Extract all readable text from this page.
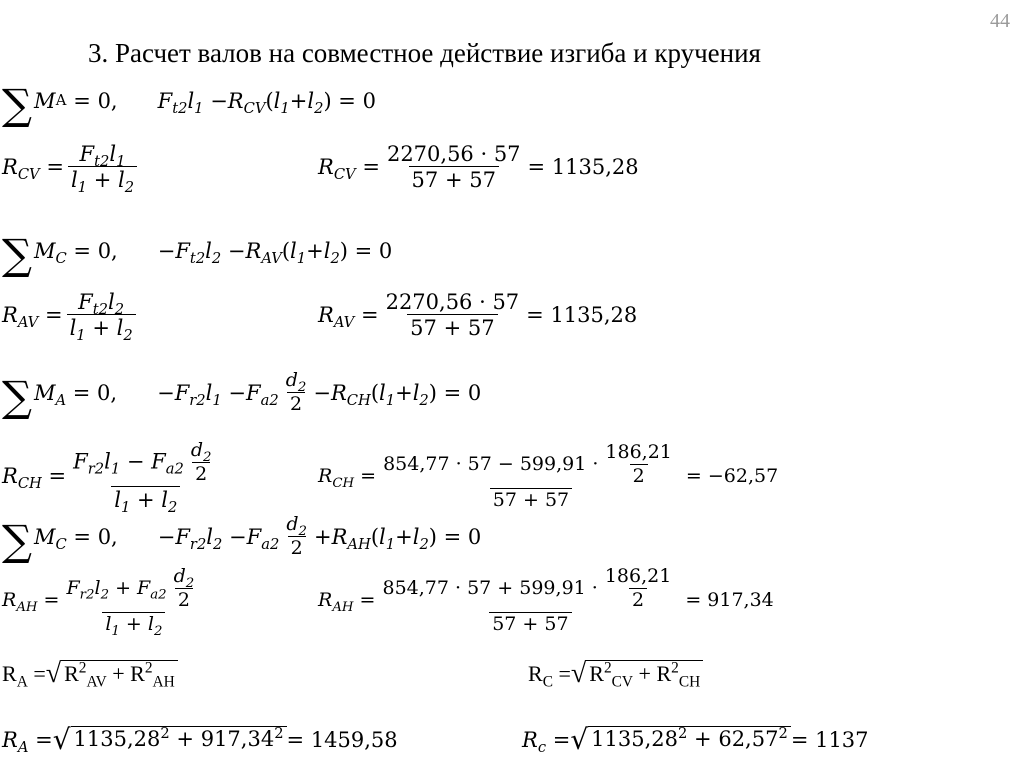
44
3. Расчет валов на совместное действие изгиба и кручения
∑ M А = 0, $F_{t2}l_1 - R_{CV}$ ( $l_1 + l_2$ ) = 0
$R_{CV} = \frac{F_{t2}l_1}{l_1 + l_2}$	$R_{CV} = \frac{2270,56 \cdot 57}{57 + 57} = 1135,28$
∑ $M_C = 0$, − $F_{t2}l_2 - R_{AV}$ ( $l_1 + l_2$ ) = 0
$R_{AV} = \frac{F_{t2}l_2}{l_1 + l_2}$	$R_{AV} = \frac{2270,56 \cdot 57}{57 + 57} = 1135,28$
∑ $M_A = 0$, − $F_{r2}l_1 - F_{a2} \frac{d_2}{2} - R_{CH}$ ( $l_1 + l_2$ ) = 0
$R_{CH} = \frac{F_{r2}l_1 - F_{a2} \frac{d_2}{2}}{l_1 + l_2}$	$R_{CH} = \frac{854,77 \cdot 57 - 599,91 \cdot \frac{186,21}{2}}{57 + 57} = -62,57$
∑ $M_C = 0$, − $F_{r2}l_2 - F_{a2} \frac{d_2}{2} + R_{AH}$ ( $l_1 + l_2$ ) = 0
$R_{AH} = \frac{F_{r2}l_2 + F_{a2} \frac{d_2}{2}}{l_1 + l_2}$	$R_{AH} = \frac{854,77 \cdot 57 + 599,91 \cdot \frac{186,21}{2}}{57 + 57} = 917,34$
$R_A$ = √ $R^2_{AV} + R^2_{AH}$	$R_C$ = √ $R^2_{CV} + R^2_{CH}$
$R_A$ = √ $1135,28^2 + 917,34^2 = 1459,58$	$R_c$ = √ $1135,28^2 + 62,57^2 = 1137$
